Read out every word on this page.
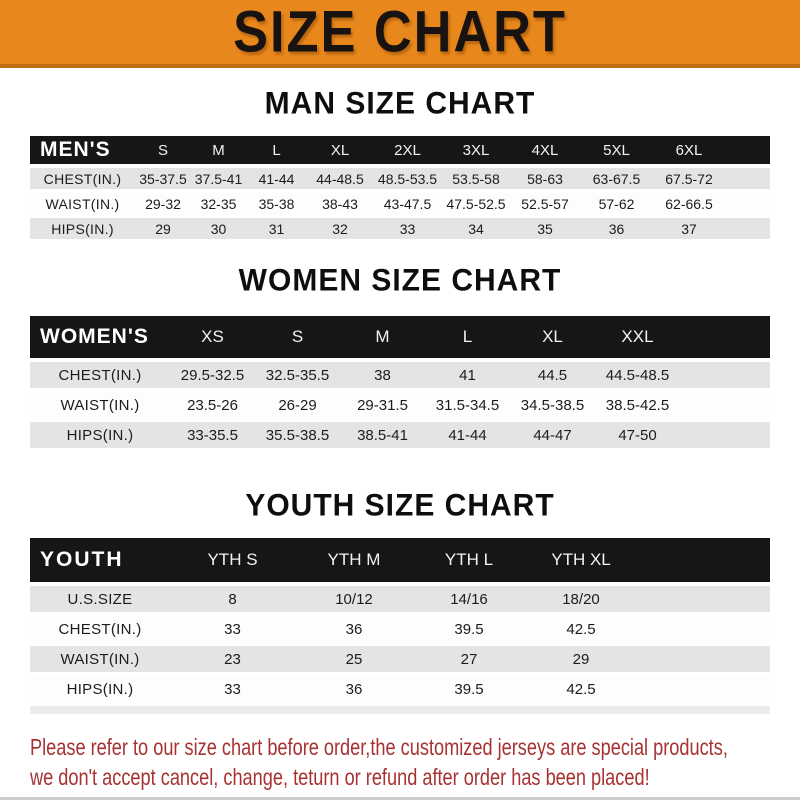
SIZE CHART
MAN SIZE CHART
MEN'S	S	M	L	XL	2XL	3XL	4XL	5XL	6XL
CHEST(IN.)	35-37.5 37.5-41	41-44	44-48.5	48.5-53.5	53.5-58	58-63	63-67.5	67.5-72
WAIST(IN.)	29-32	32-35	35-38	38-43	43-47.5	47.5-52.5	52.5-57	57-62	62-66.5
HIPS(IN.)	29	30	31	32	33	34	35	36	37
WOMEN SIZE CHART
WOMEN'S	XS	S	M	L	XL	XXL
CHEST(IN.)	29.5-32.5	32.5-35.5	38	41	44.5	44.5-48.5
WAIST(IN.)	23.5-26	26-29	29-31.5	31.5-34.5	34.5-38.5	38.5-42.5
HIPS(IN.)	33-35.5	35.5-38.5	38.5-41	41-44	44-47	47-50
YOUTH SIZE CHART
YOUTH	YTH S	YTH M	YTH L	YTH XL
U.S.SIZE	8	10/12	14/16	18/20
CHEST(IN.)	33	36	39.5	42.5
WAIST(IN.)	23	25	27	29
HIPS(IN.)	33	36	39.5	42.5
Please refer to our size chart before order,the customized jerseys are special products,
we don't accept cancel, change, teturn or refund after order has been placed!
